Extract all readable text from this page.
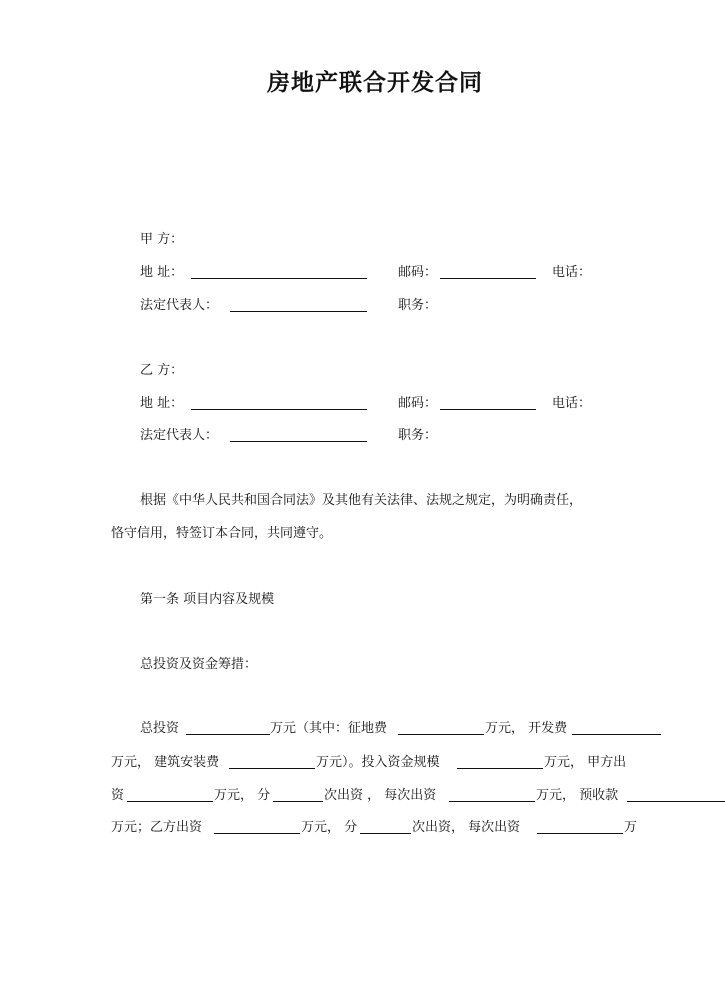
房地产联合开发合同
甲 方：
地 址：	邮码：	电话：
法定代表人：	职务：
乙 方：
地 址：	邮码：	电话：
法定代表人：	职务：
根据《中华人民共和国合同法》及其他有关法律、法规之规定，为明确责任，
恪守信用，特签订本合同，共同遵守。
第一条 项目内容及规模
总投资及资金筹措：
总投资	万元（其中：征地费	万元， 开发费
万元， 建筑安装费	万元）。投入资金规模	万元， 甲方出
资	万元， 分	次出资 ， 每次出资	万元， 预收款
万元；乙方出资	万元， 分	次出资， 每次出资	万
